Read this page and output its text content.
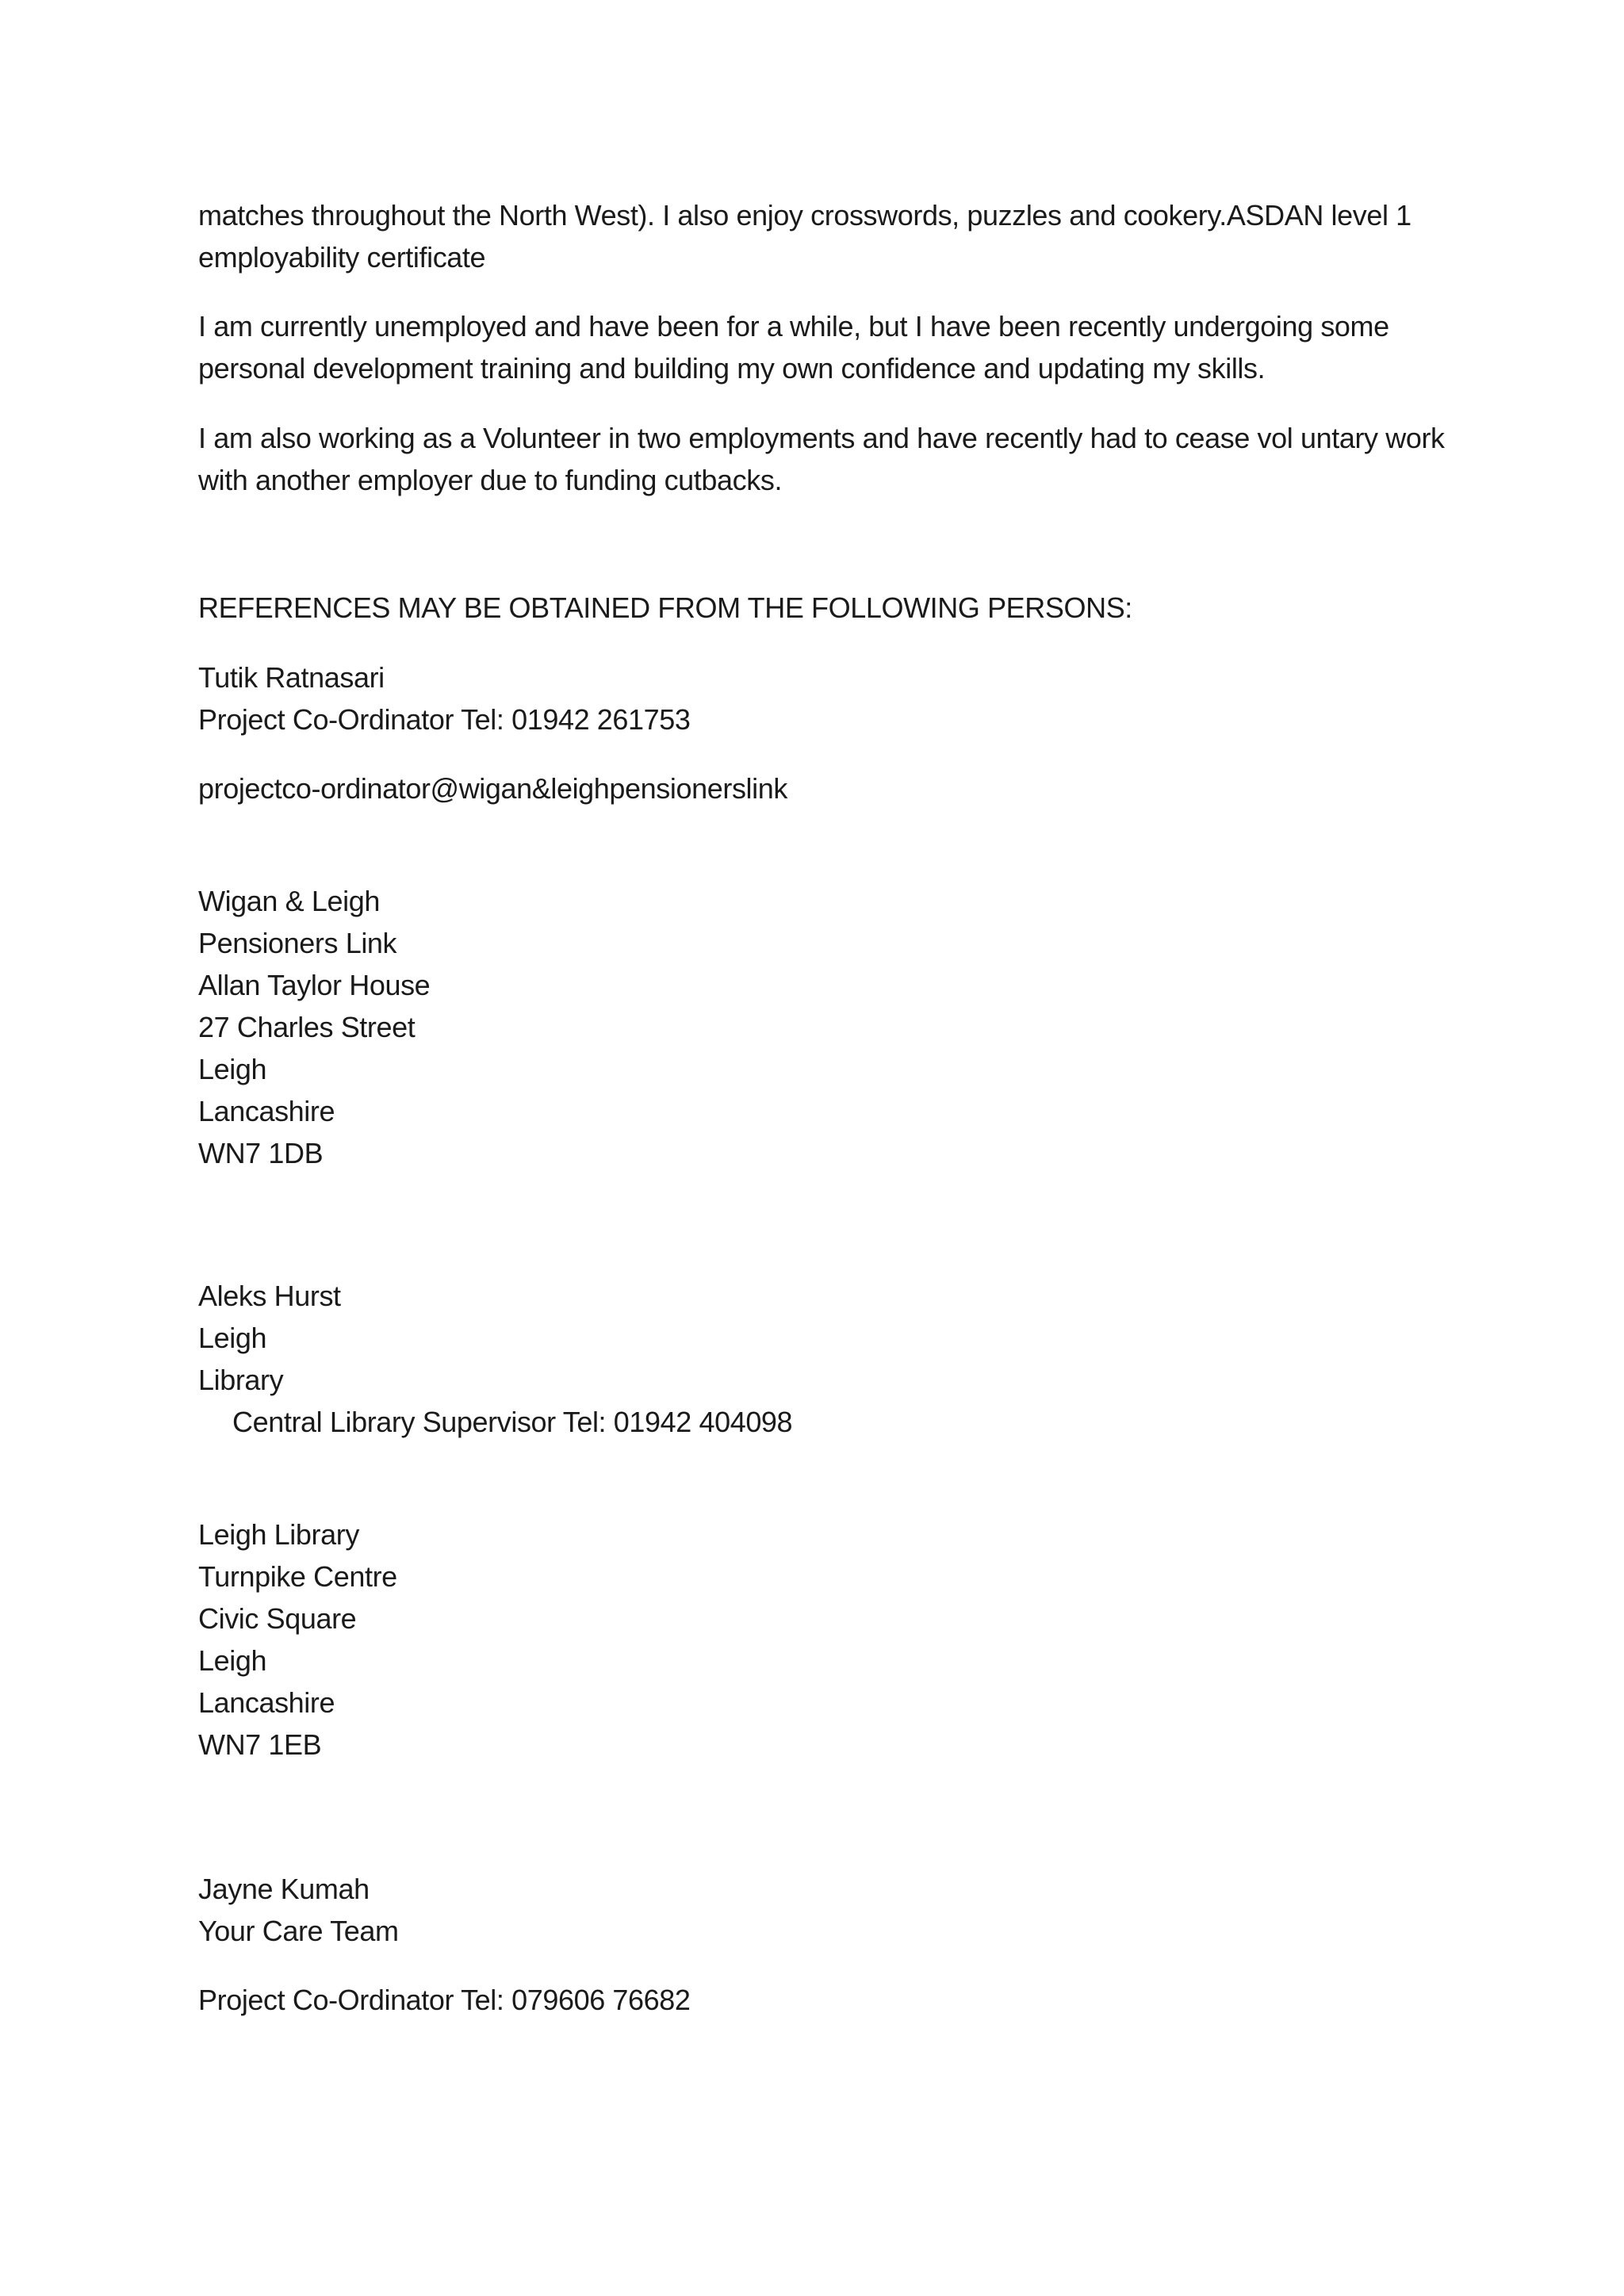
matches throughout the North West). I also enjoy crosswords, puzzles and cookery.ASDAN level 1

employability certificate

I am currently unemployed and have been for a while, but I have been recently undergoing some

personal development training and building my own confidence and updating my skills.

I am also working as a Volunteer in two employments and have recently had to cease vol untary work

with another employer due to funding cutbacks.

REFERENCES MAY BE OBTAINED FROM THE FOLLOWING PERSONS:

Tutik Ratnasari

Project Co-Ordinator Tel: 01942 261753

projectco-ordinator@wigan&leighpensionerslink

Wigan & Leigh

Pensioners Link

Allan Taylor House

27 Charles Street

Leigh

Lancashire

WN7 1DB

Aleks Hurst

Leigh

Library

Central Library Supervisor Tel: 01942 404098

Leigh Library

Turnpike Centre

Civic Square

Leigh

Lancashire

WN7 1EB

Jayne Kumah

Your Care Team

Project Co-Ordinator Tel: 079606 76682
